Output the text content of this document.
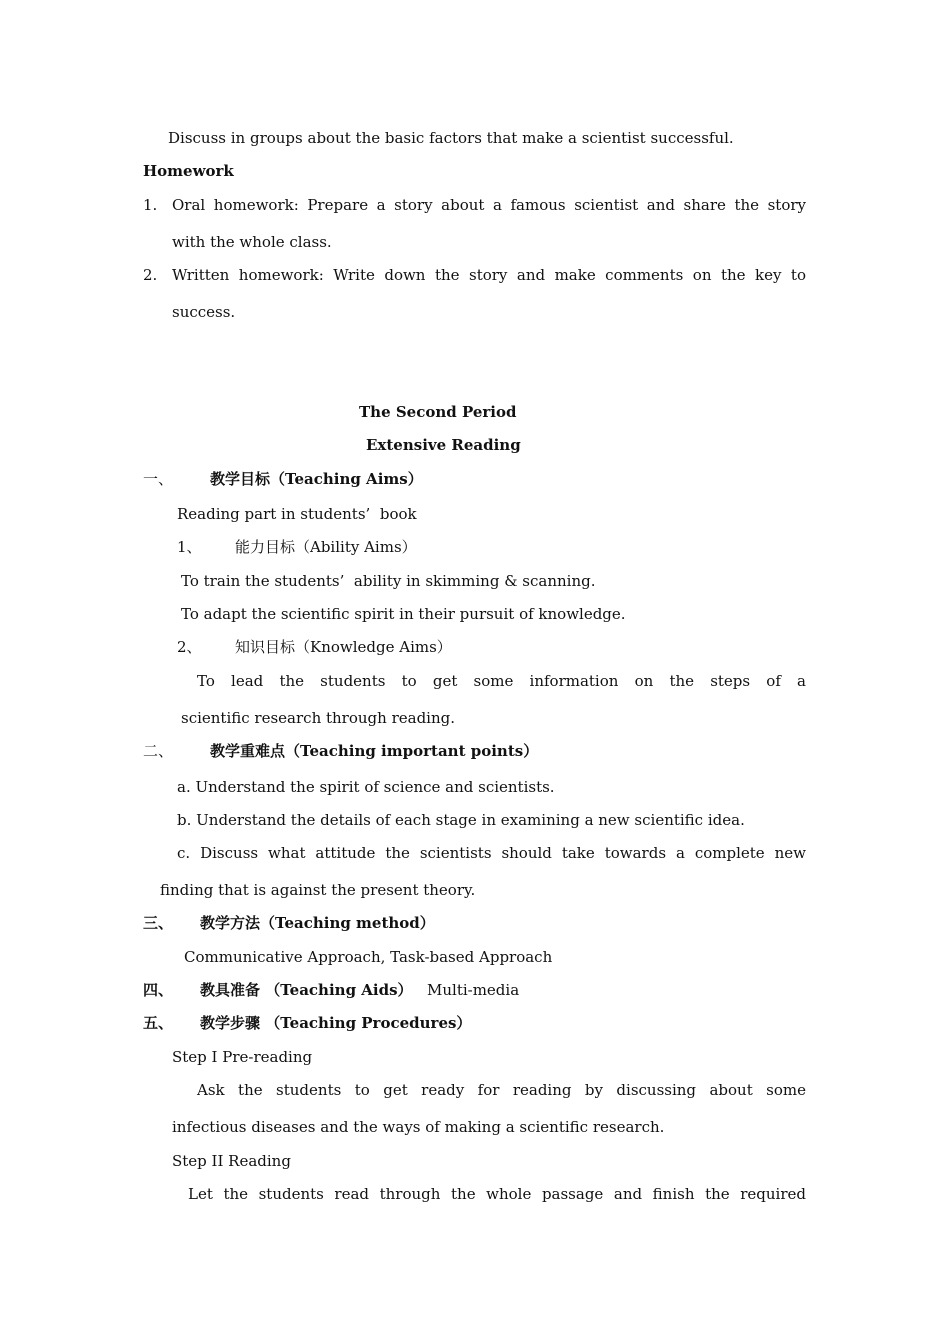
Discuss in groups about the basic factors that make a scientist successful.
Homework
1. Oral homework: Prepare a story about a famous scientist and share the story
with the whole class.
2. Written homework: Write down the story and make comments on the key to
success.
The Second Period
Extensive Reading
一、 教学目标（Teaching Aims）
Reading part in students’  book
1、 能力目标（Ability Aims）
To train the students’  ability in skimming & scanning.
To adapt the scientific spirit in their pursuit of knowledge.
2、 知识目标（Knowledge Aims）
To lead the students to get some information on the steps of a
scientific research through reading.
二、 教学重难点（Teaching important points）
a. Understand the spirit of science and scientists.
b. Understand the details of each stage in examining a new scientific idea.
c. Discuss what attitude the scientists should take towards a complete new
finding that is against the present theory.
三、 教学方法（Teaching method）
Communicative Approach, Task-based Approach
四、 教具准备 （Teaching Aids） Multi-media
五、 教学步骤 （Teaching Procedures）
Step I Pre-reading
Ask the students to get ready for reading by discussing about some
infectious diseases and the ways of making a scientific research.
Step II Reading
Let the students read through the whole passage and finish the required
